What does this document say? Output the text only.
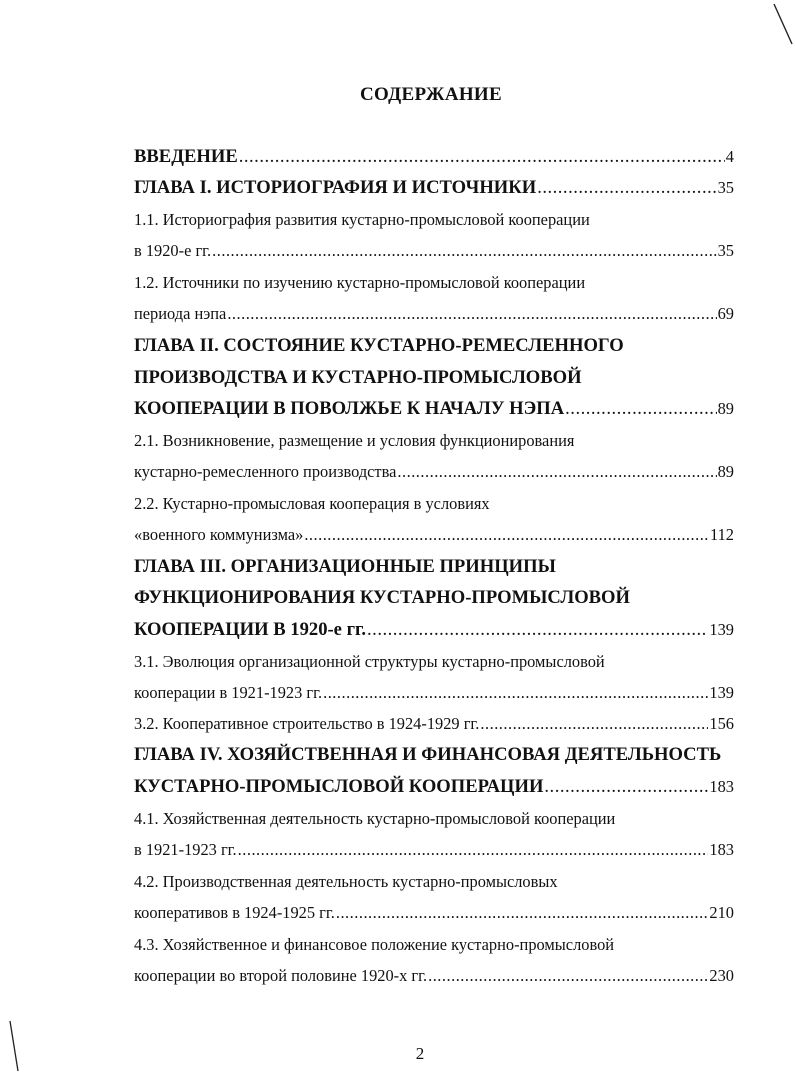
СОДЕРЖАНИЕ
ВВЕДЕНИЕ .....	4
ГЛАВА I. ИСТОРИОГРАФИЯ И ИСТОЧНИКИ .....	35
1.1. Историография развития кустарно-промысловой кооперации
в 1920-е гг. .....	35
1.2. Источники по изучению кустарно-промысловой кооперации
периода нэпа .....	69
ГЛАВА II. СОСТОЯНИЕ КУСТАРНО-РЕМЕСЛЕННОГО
ПРОИЗВОДСТВА И КУСТАРНО-ПРОМЫСЛОВОЙ
КООПЕРАЦИИ В ПОВОЛЖЬЕ К НАЧАЛУ НЭПА .....	89
2.1. Возникновение, размещение и условия функционирования
кустарно-ремесленного производства .....	89
2.2. Кустарно-промысловая кооперация в условиях
«военного коммунизма» .....	112
ГЛАВА III. ОРГАНИЗАЦИОННЫЕ ПРИНЦИПЫ
ФУНКЦИОНИРОВАНИЯ КУСТАРНО-ПРОМЫСЛОВОЙ
КООПЕРАЦИИ В 1920-е гг. .....	139
3.1. Эволюция организационной структуры кустарно-промысловой
кооперации в 1921-1923 гг. .....	139
3.2. Кооперативное строительство в 1924-1929 гг. .....	156
ГЛАВА IV. ХОЗЯЙСТВЕННАЯ И ФИНАНСОВАЯ ДЕЯТЕЛЬНОСТЬ
КУСТАРНО-ПРОМЫСЛОВОЙ КООПЕРАЦИИ .....	183
4.1. Хозяйственная деятельность кустарно-промысловой кооперации
в 1921-1923 гг. .....	183
4.2. Производственная деятельность кустарно-промысловых
кооперативов в 1924-1925 гг. .....	210
4.3. Хозяйственное и финансовое положение кустарно-промысловой
кооперации во второй половине 1920-х гг. .....	230
2
